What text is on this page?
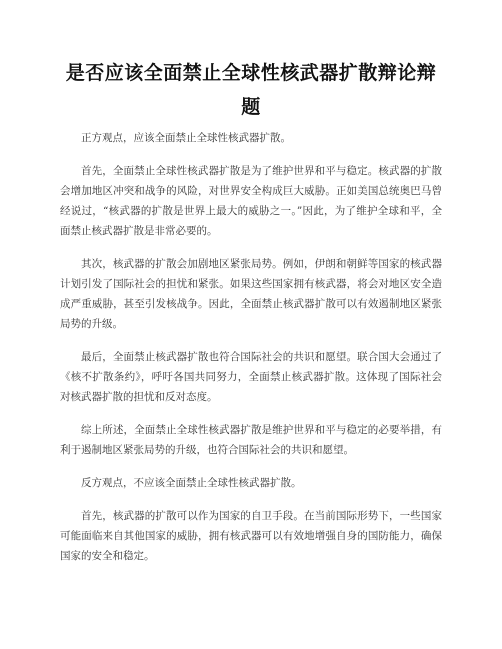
是否应该全面禁止全球性核武器扩散辩论辩题

正方观点，应该全面禁止全球性核武器扩散。

首先，全面禁止全球性核武器扩散是为了维护世界和平与稳定。核武器的扩散会增加地区冲突和战争的风险，对世界安全构成巨大威胁。正如美国总统奥巴马曾经说过，“核武器的扩散是世界上最大的威胁之一。”因此，为了维护全球和平，全面禁止核武器扩散是非常必要的。

其次，核武器的扩散会加剧地区紧张局势。例如，伊朗和朝鲜等国家的核武器计划引发了国际社会的担忧和紧张。如果这些国家拥有核武器，将会对地区安全造成严重威胁，甚至引发核战争。因此，全面禁止核武器扩散可以有效遏制地区紧张局势的升级。

最后，全面禁止核武器扩散也符合国际社会的共识和愿望。联合国大会通过了《核不扩散条约》，呼吁各国共同努力，全面禁止核武器扩散。这体现了国际社会对核武器扩散的担忧和反对态度。

综上所述，全面禁止全球性核武器扩散是维护世界和平与稳定的必要举措，有利于遏制地区紧张局势的升级，也符合国际社会的共识和愿望。

反方观点，不应该全面禁止全球性核武器扩散。

首先，核武器的扩散可以作为国家的自卫手段。在当前国际形势下，一些国家可能面临来自其他国家的威胁，拥有核武器可以有效地增强自身的国防能力，确保国家的安全和稳定。
